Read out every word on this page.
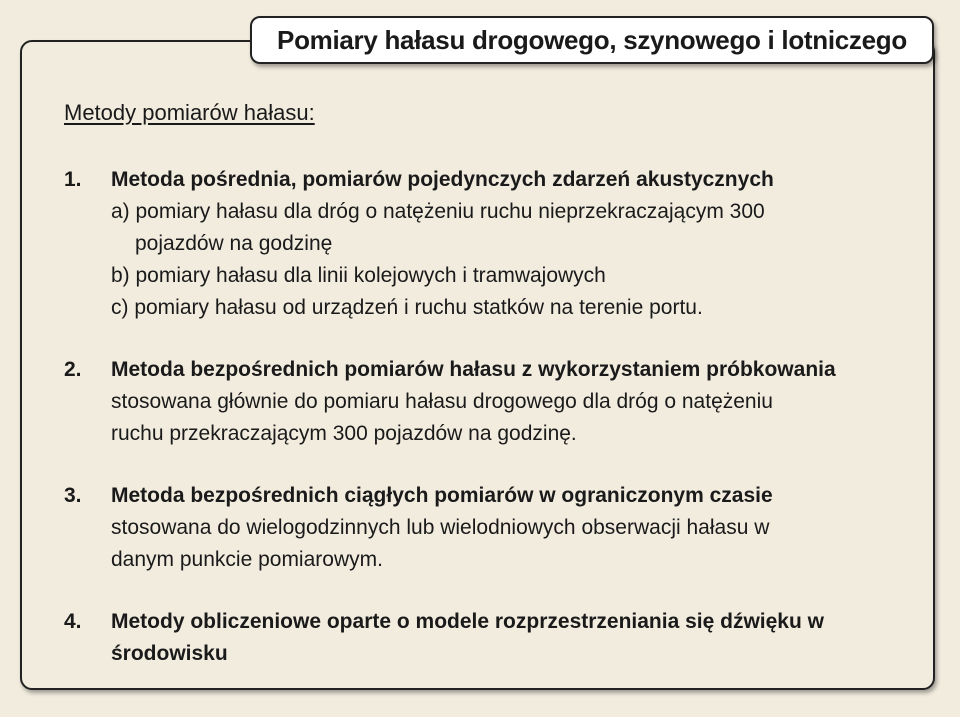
Pomiary hałasu drogowego, szynowego i lotniczego
Metody pomiarów hałasu:
1. Metoda pośrednia, pomiarów pojedynczych zdarzeń akustycznych
a) pomiary hałasu dla dróg o natężeniu ruchu nieprzekraczającym 300
pojazdów na godzinę
b) pomiary hałasu dla linii kolejowych i tramwajowych
c) pomiary hałasu od urządzeń i ruchu statków na terenie portu.
2. Metoda bezpośrednich pomiarów hałasu z wykorzystaniem próbkowania
stosowana głównie do pomiaru hałasu drogowego dla dróg o natężeniu
ruchu przekraczającym 300 pojazdów na godzinę.
3. Metoda bezpośrednich ciągłych pomiarów w ograniczonym czasie
stosowana do wielogodzinnych lub wielodniowych obserwacji hałasu w
danym punkcie pomiarowym.
4. Metody obliczeniowe oparte o modele rozprzestrzeniania się dźwięku w
środowisku
